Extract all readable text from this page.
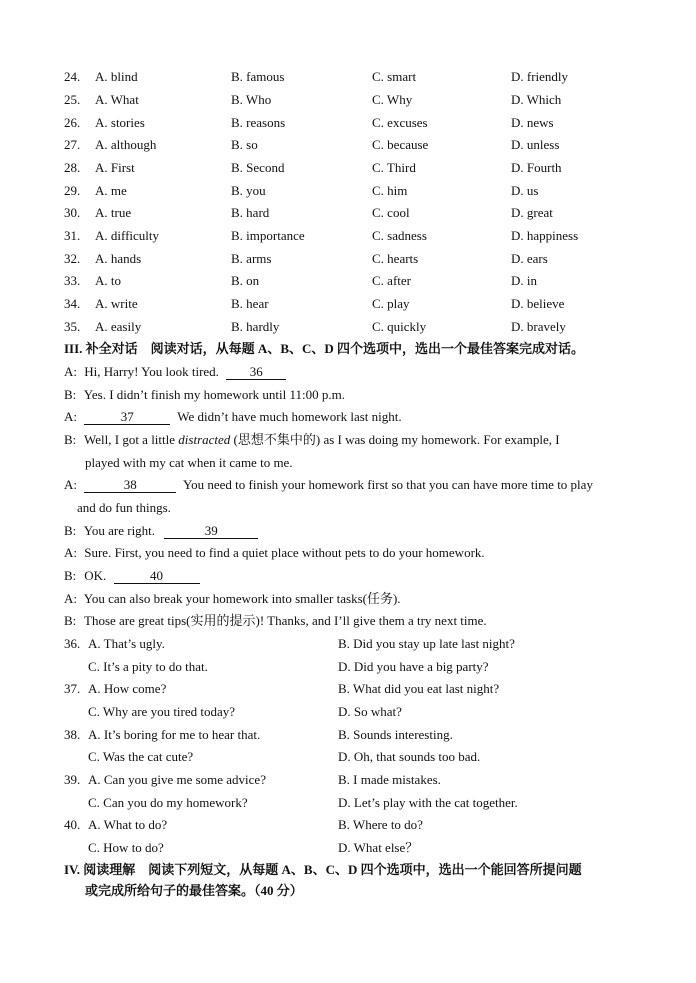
24.	A. blind	B. famous	C. smart	D. friendly
25.	A. What	B. Who	C. Why	D. Which
26.	A. stories	B. reasons	C. excuses	D. news
27.	A. although	B. so	C. because	D. unless
28.	A. First	B. Second	C. Third	D. Fourth
29.	A. me	B. you	C. him	D. us
30.	A. true	B. hard	C. cool	D. great
31.	A. difficulty	B. importance	C. sadness	D. happiness
32.	A. hands	B. arms	C. hearts	D. ears
33.	A. to	B. on	C. after	D. in
34.	A. write	B. hear	C. play	D. believe
35.	A. easily	B. hardly	C. quickly	D. bravely
III. 补全对话　阅读对话，从每题 A、B、C、D 四个选项中，选出一个最佳答案完成对话。
A: Hi, Harry! You look tired. 36
B: Yes. I didn’t finish my homework until 11:00 p.m.
A:	37	We didn’t have much homework last night.
B: Well, I got a little distracted (思想不集中的) as I was doing my homework. For example, I
played with my cat when it came to me.
A:	38	You need to finish your homework first so that you can have more time to play
and do fun things.
B: You are right.	39
A: Sure. First, you need to find a quiet place without pets to do your homework.
B: OK.	40
A: You can also break your homework into smaller tasks(任务).
B: Those are great tips(实用的提示)! Thanks, and I’ll give them a try next time.
36. A. That’s ugly.	B. Did you stay up late last night?
C. It’s a pity to do that.	D. Did you have a big party?
37. A. How come?	B. What did you eat last night?
C. Why are you tired today?	D. So what?
38. A. It’s boring for me to hear that.	B. Sounds interesting.
C. Was the cat cute?	D. Oh, that sounds too bad.
39. A. Can you give me some advice?	B. I made mistakes.
C. Can you do my homework?	D. Let’s play with the cat together.
40. A. What to do?	B. Where to do?
C. How to do?	D. What else？
IV. 阅读理解　阅读下列短文，从每题 A、B、C、D 四个选项中，选出一个能回答所提问题
或完成所给句子的最佳答案。（40 分）
